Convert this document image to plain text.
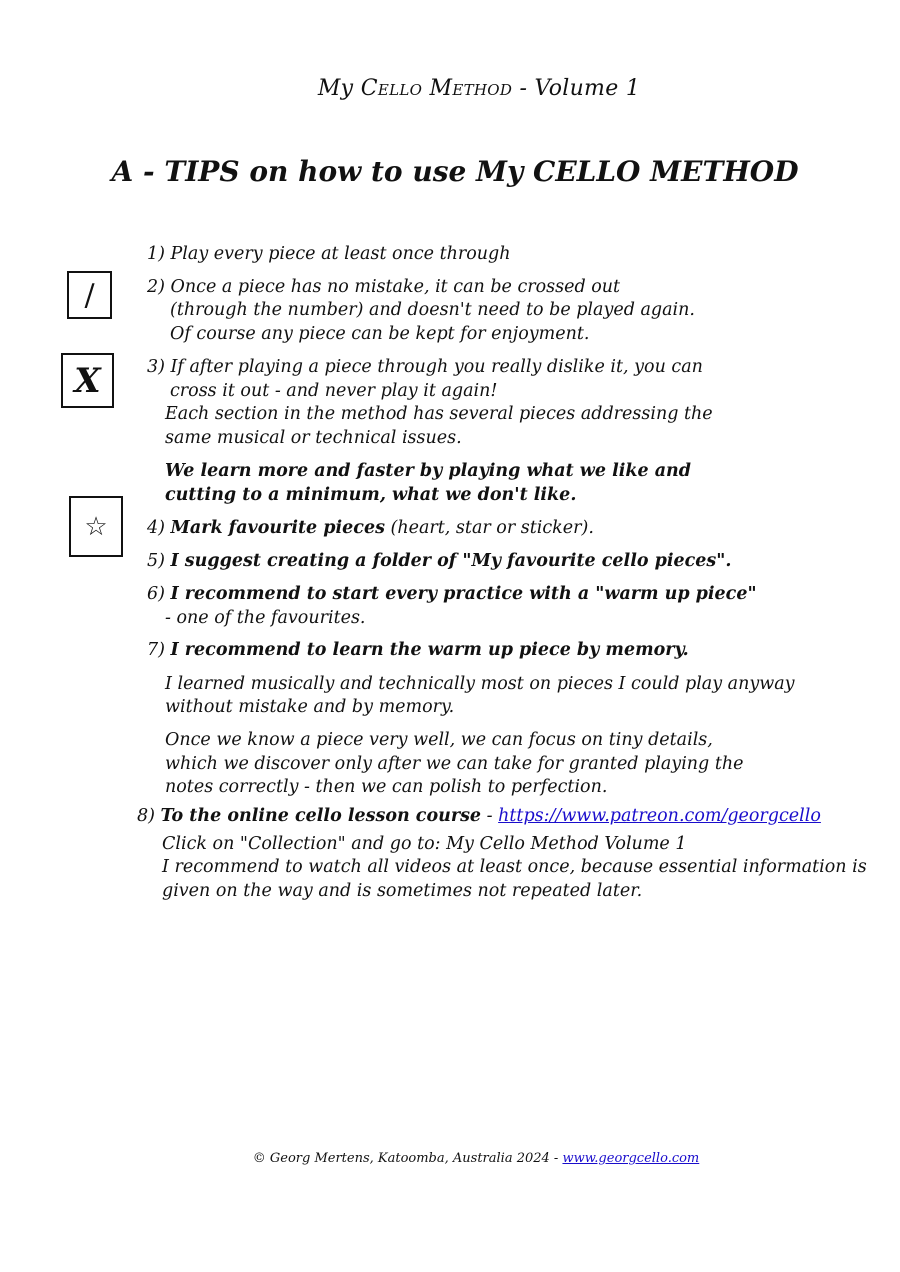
My Cello Method - Volume 1
A - TIPS on how to use My CELLO METHOD
/
X
☆
1) Play every piece at least once through
2) Once a piece has no mistake, it can be crossed out
(through the number) and doesn't need to be played again.
Of course any piece can be kept for enjoyment.
3) If after playing a piece through you really dislike it, you can
cross it out - and never play it again!
Each section in the method has several pieces addressing the
same musical or technical issues.
We learn more and faster by playing what we like and
cutting to a minimum, what we don't like.
4) Mark favourite pieces (heart, star or sticker).
5) I suggest creating a folder of "My favourite cello pieces".
6) I recommend to start every practice with a "warm up piece"
- one of the favourites.
7) I recommend to learn the warm up piece by memory.
I learned musically and technically most on pieces I could play anyway
without mistake and by memory.
Once we know a piece very well, we can focus on tiny details,
which we discover only after we can take for granted playing the
notes correctly - then we can polish to perfection.
8) To the online cello lesson course - https://www.patreon.com/georgcello
Click on "Collection" and go to: My Cello Method Volume 1
I recommend to watch all videos at least once, because essential information is
given on the way and is sometimes not repeated later.
© Georg Mertens, Katoomba, Australia 2024 - www.georgcello.com
